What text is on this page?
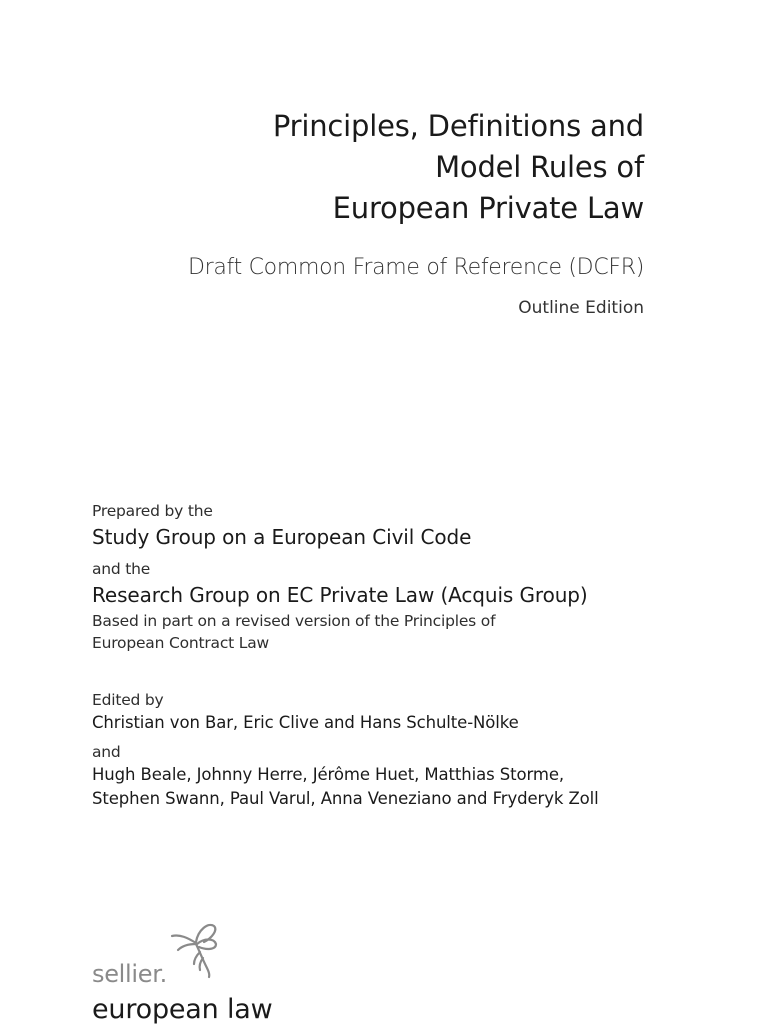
Principles, Definitions and
Model Rules of
European Private Law
Draft Common Frame of Reference (DCFR)
Outline Edition
Prepared by the
Study Group on a European Civil Code
and the
Research Group on EC Private Law (Acquis Group)
Based in part on a revised version of the Principles of
European Contract Law
Edited by
Christian von Bar, Eric Clive and Hans Schulte-Nölke
and
Hugh Beale, Johnny Herre, Jérôme Huet, Matthias Storme,
Stephen Swann, Paul Varul, Anna Veneziano and Fryderyk Zoll
sellier.
european law
